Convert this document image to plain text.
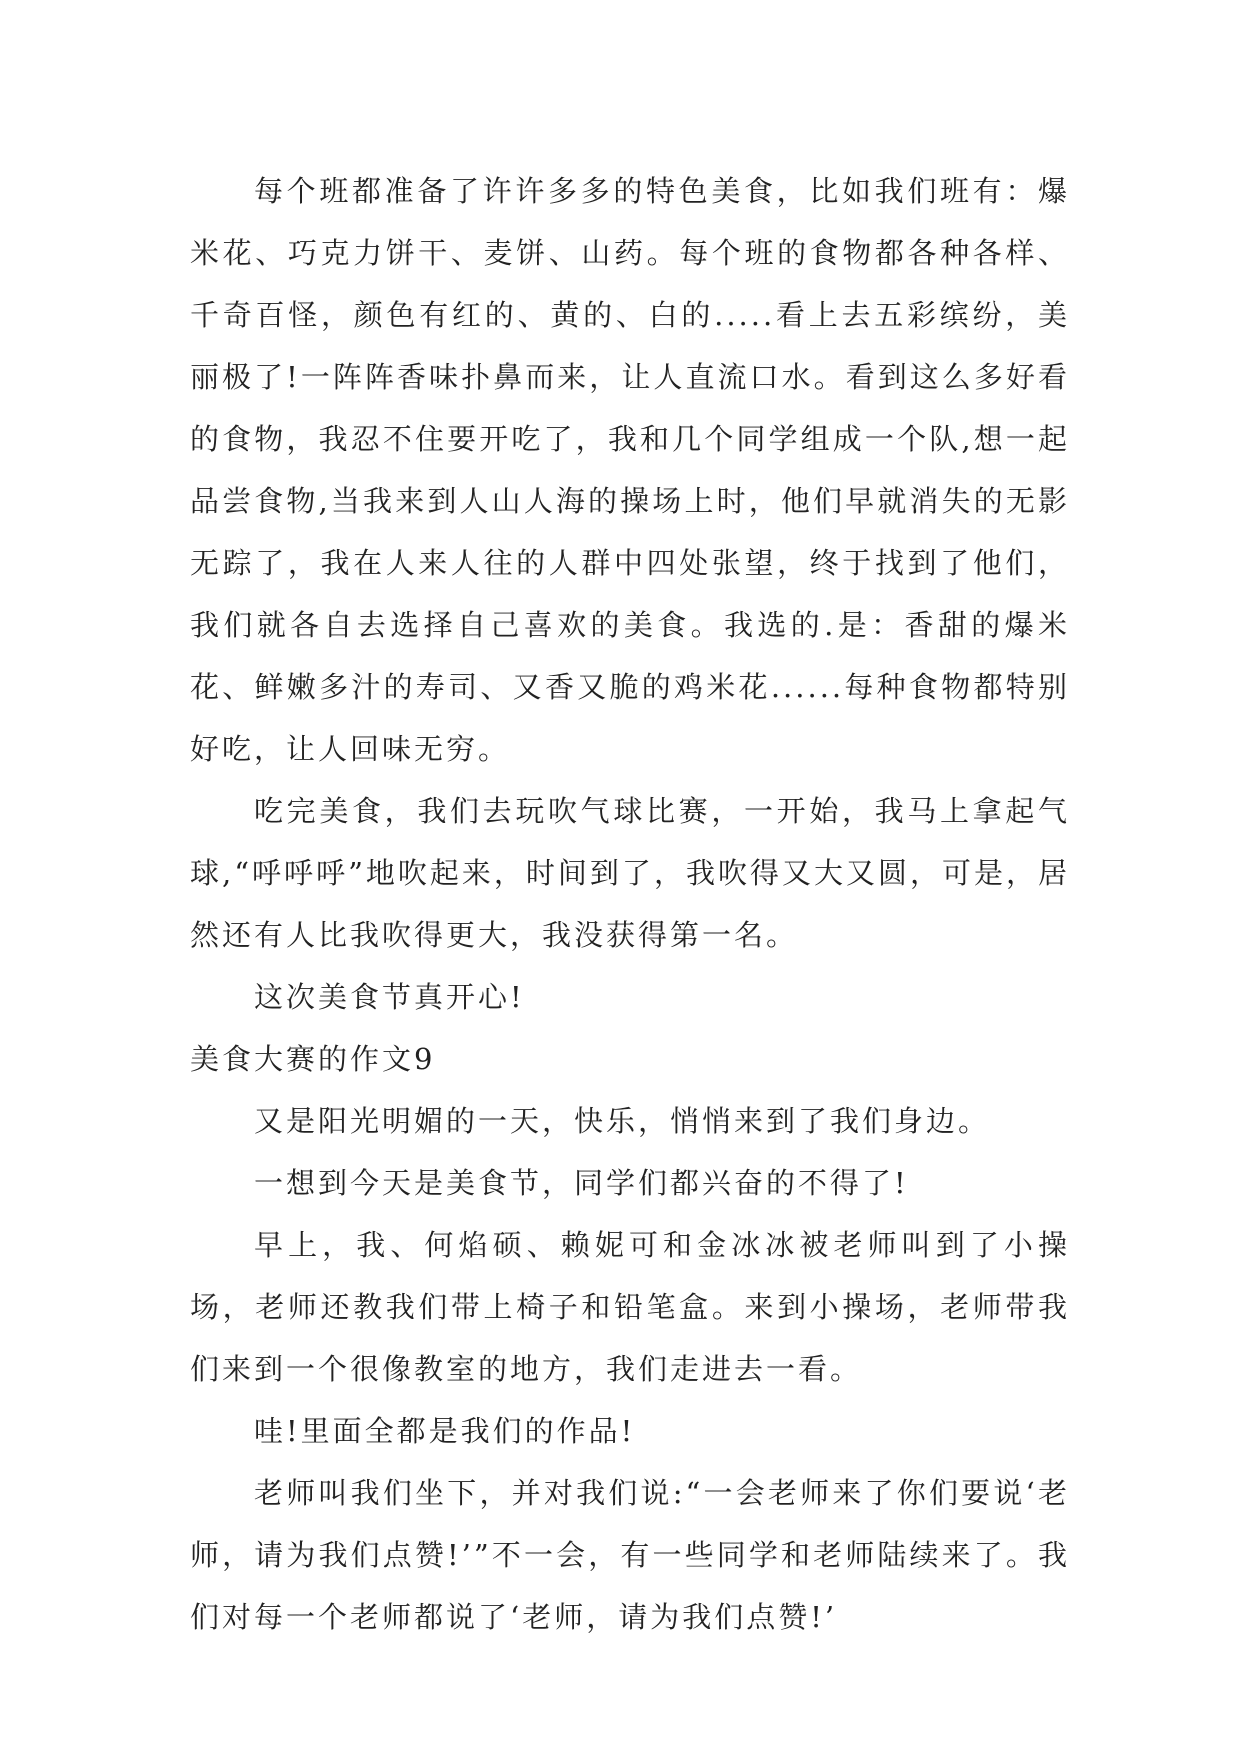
每个班都准备了许许多多的特色美食，比如我们班有：爆米花、巧克力饼干、麦饼、山药。每个班的食物都各种各样、千奇百怪，颜色有红的、黄的、白的.....看上去五彩缤纷，美丽极了!一阵阵香味扑鼻而来，让人直流口水。看到这么多好看的食物，我忍不住要开吃了，我和几个同学组成一个队,想一起品尝食物,当我来到人山人海的操场上时，他们早就消失的无影无踪了，我在人来人往的人群中四处张望，终于找到了他们，我们就各自去选择自己喜欢的美食。我选的.是：香甜的爆米花、鲜嫩多汁的寿司、又香又脆的鸡米花......每种食物都特别好吃，让人回味无穷。

吃完美食，我们去玩吹气球比赛，一开始，我马上拿起气球,“呼呼呼”地吹起来，时间到了，我吹得又大又圆，可是，居然还有人比我吹得更大，我没获得第一名。

这次美食节真开心!

美食大赛的作文9

又是阳光明媚的一天，快乐，悄悄来到了我们身边。

一想到今天是美食节，同学们都兴奋的不得了!

早上，我、何焰硕、赖妮可和金冰冰被老师叫到了小操场，老师还教我们带上椅子和铅笔盒。来到小操场，老师带我们来到一个很像教室的地方，我们走进去一看。

哇!里面全都是我们的作品!

老师叫我们坐下，并对我们说:“一会老师来了你们要说‘老师，请为我们点赞!’”不一会，有一些同学和老师陆续来了。我们对每一个老师都说了‘老师，请为我们点赞!’
